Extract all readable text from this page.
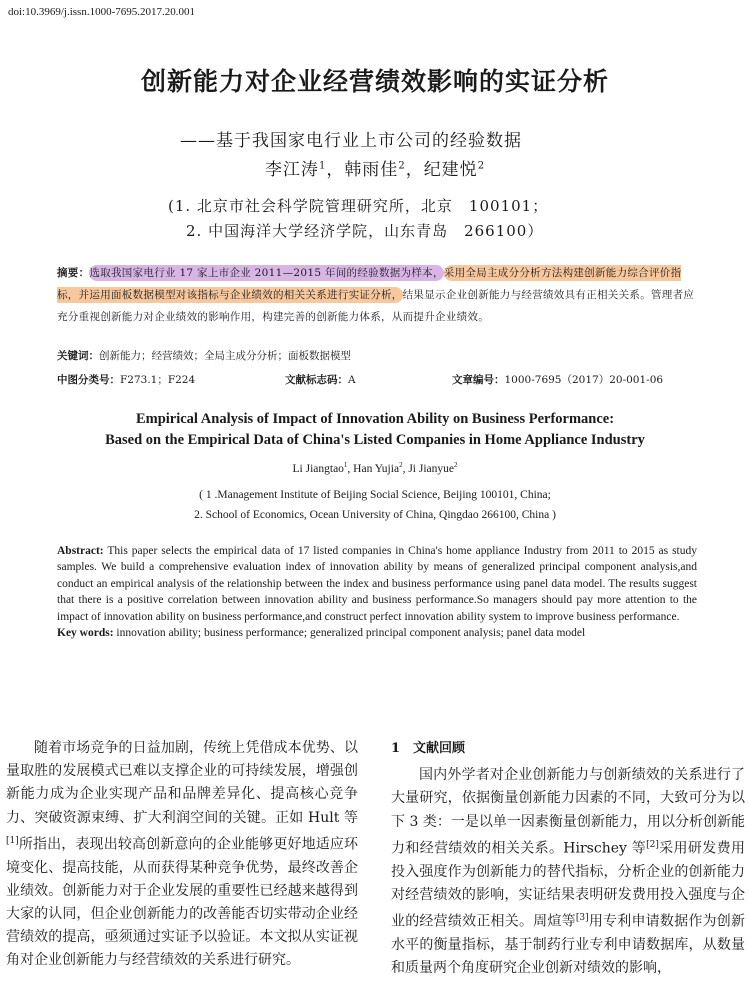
doi:10.3969/j.issn.1000-7695.2017.20.001
创新能力对企业经营绩效影响的实证分析
——基于我国家电行业上市公司的经验数据
李江涛$^1$，韩雨佳$^2$，纪建悦$^2$
(1. 北京市社会科学院管理研究所，北京　100101；
2. 中国海洋大学经济学院，山东青岛　266100）
摘要：选取我国家电行业 17 家上市企业 2011—2015 年间的经验数据为样本，采用全局主成分分析方法构建创新能力综合评价指标，并运用面板数据模型对该指标与企业绩效的相关关系进行实证分析，结果显示企业创新能力与经营绩效具有正相关关系。管理者应充分重视创新能力对企业绩效的影响作用，构建完善的创新能力体系，从而提升企业绩效。
关键词：创新能力；经营绩效；全局主成分分析；面板数据模型
中图分类号：F273.1；F224	文献标志码：A	文章编号：1000-7695（2017）20-001-06
Empirical Analysis of Impact of Innovation Ability on Business Performance:
Based on the Empirical Data of China's Listed Companies in Home Appliance Industry
Li Jiangtao$^1$, Han Yujia$^2$, Ji Jianyue$^2$
( 1 .Management Institute of Beijing Social Science, Beijing 100101, China;
2. School of Economics, Ocean University of China, Qingdao 266100, China )
Abstract: This paper selects the empirical data of 17 listed companies in China's home appliance Industry from 2011 to 2015 as study samples. We build a comprehensive evaluation index of innovation ability by means of generalized principal component analysis,and conduct an empirical analysis of the relationship between the index and business performance using panel data model. The results suggest that there is a positive correlation between innovation ability and business performance.So managers should pay more attention to the impact of innovation ability on business performance,and construct perfect innovation ability system to improve business performance.
Key words: innovation ability; business performance; generalized principal component analysis; panel data model

随着市场竞争的日益加剧，传统上凭借成本优势、以量取胜的发展模式已难以支撑企业的可持续发展，增强创新能力成为企业实现产品和品牌差异化、提高核心竞争力、突破资源束缚、扩大利润空间的关键。正如 Hult 等[1]所指出，表现出较高创新意向的企业能够更好地适应环境变化、提高技能，从而获得某种竞争优势，最终改善企业绩效。创新能力对于企业发展的重要性已经越来越得到大家的认同，但企业创新能力的改善能否切实带动企业经营绩效的提高，亟须通过实证予以验证。本文拟从实证视角对企业创新能力与经营绩效的关系进行研究。

1　文献回顾

国内外学者对企业创新能力与创新绩效的关系进行了大量研究，依据衡量创新能力因素的不同，大致可分为以下 3 类：一是以单一因素衡量创新能力，用以分析创新能力和经营绩效的相关关系。Hirschey 等[2]采用研发费用投入强度作为创新能力的替代指标，分析企业的创新能力对经营绩效的影响，实证结果表明研发费用投入强度与企业的经营绩效正相关。周煊等[3]用专利申请数据作为创新水平的衡量指标，基于制药行业专利申请数据库，从数量和质量两个角度研究企业创新对绩效的影响，
